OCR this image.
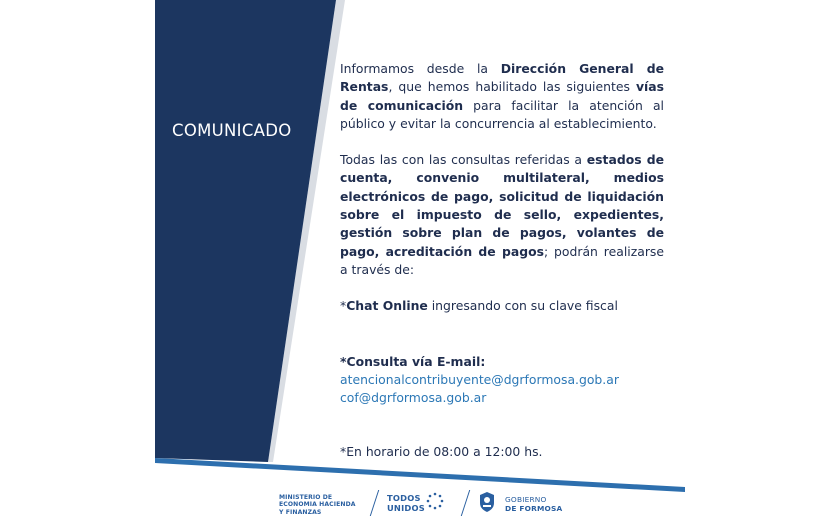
COMUNICADO

Informamos desde la Dirección General de Rentas, que hemos habilitado las siguientes vías de comunicación para facilitar la atención al público y evitar la concurrencia al establecimiento.

Todas las con las consultas referidas a estados de cuenta, convenio multilateral, medios electrónicos de pago, solicitud de liquidación sobre el impuesto de sello, expedientes, gestión sobre plan de pagos, volantes de pago, acreditación de pagos; podrán realizarse a través de:

*Chat Online ingresando con su clave fiscal

*Consulta vía E-mail:

atencionalcontribuyente@dgrformosa.gob.ar

cof@dgrformosa.gob.ar

*En horario de 08:00 a 12:00 hs.

MINISTERIO DE
ECONOMIA HACIENDA
Y FINANZAS
TODOS
UNIDOS
GOBIERNO
DE FORMOSA
